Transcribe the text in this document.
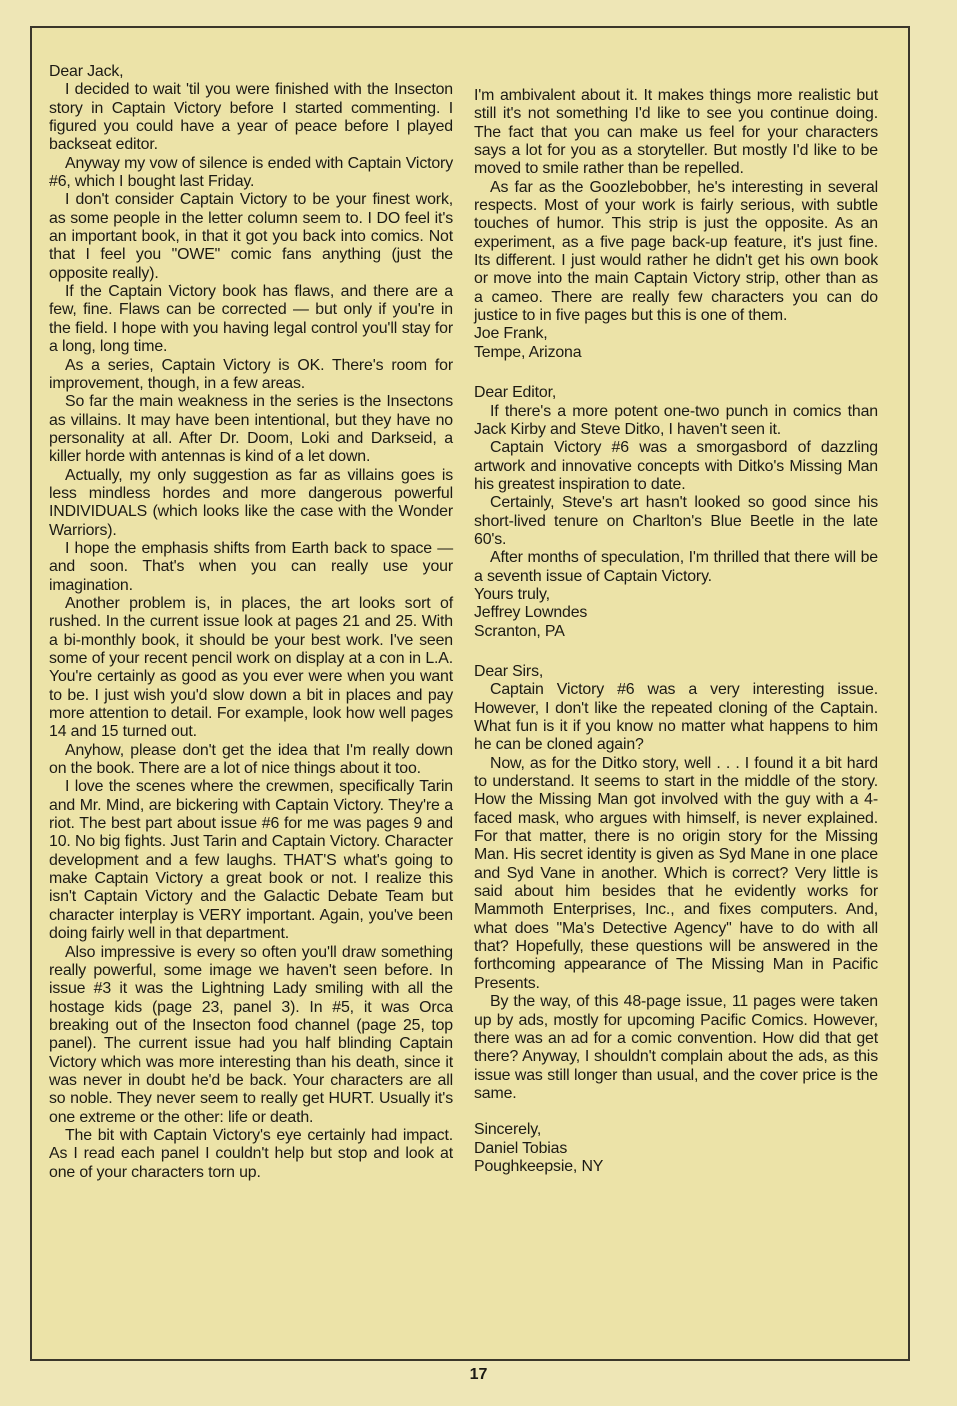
Dear Jack,

I decided to wait 'til you were finished with the Insecton story in Captain Victory before I started commenting. I figured you could have a year of peace before I played backseat editor.

Anyway my vow of silence is ended with Captain Victory #6, which I bought last Friday.

I don't consider Captain Victory to be your finest work, as some people in the letter column seem to. I DO feel it's an important book, in that it got you back into comics. Not that I feel you "OWE" comic fans anything (just the opposite really).

If the Captain Victory book has flaws, and there are a few, fine. Flaws can be corrected — but only if you're in the field. I hope with you having legal control you'll stay for a long, long time.

As a series, Captain Victory is OK. There's room for improvement, though, in a few areas.

So far the main weakness in the series is the Insectons as villains. It may have been intentional, but they have no personality at all. After Dr. Doom, Loki and Darkseid, a killer horde with antennas is kind of a let down.

Actually, my only suggestion as far as villains goes is less mindless hordes and more dangerous powerful INDIVIDUALS (which looks like the case with the Wonder Warriors).

I hope the emphasis shifts from Earth back to space — and soon. That's when you can really use your imagination.

Another problem is, in places, the art looks sort of rushed. In the current issue look at pages 21 and 25. With a bi-monthly book, it should be your best work. I've seen some of your recent pencil work on display at a con in L.A. You're certainly as good as you ever were when you want to be. I just wish you'd slow down a bit in places and pay more attention to detail. For example, look how well pages 14 and 15 turned out.

Anyhow, please don't get the idea that I'm really down on the book. There are a lot of nice things about it too.

I love the scenes where the crewmen, specifically Tarin and Mr. Mind, are bickering with Captain Victory. They're a riot. The best part about issue #6 for me was pages 9 and 10. No big fights. Just Tarin and Captain Victory. Character development and a few laughs. THAT'S what's going to make Captain Victory a great book or not. I realize this isn't Captain Victory and the Galactic Debate Team but character interplay is VERY important. Again, you've been doing fairly well in that department.

Also impressive is every so often you'll draw something really powerful, some image we haven't seen before. In issue #3 it was the Lightning Lady smiling with all the hostage kids (page 23, panel 3). In #5, it was Orca breaking out of the Insecton food channel (page 25, top panel). The current issue had you half blinding Captain Victory which was more interesting than his death, since it was never in doubt he'd be back. Your characters are all so noble. They never seem to really get HURT. Usually it's one extreme or the other: life or death.

The bit with Captain Victory's eye certainly had impact. As I read each panel I couldn't help but stop and look at one of your characters torn up.

I'm ambivalent about it. It makes things more realistic but still it's not something I'd like to see you continue doing. The fact that you can make us feel for your characters says a lot for you as a storyteller. But mostly I'd like to be moved to smile rather than be repelled.

As far as the Goozlebobber, he's interesting in several respects. Most of your work is fairly serious, with subtle touches of humor. This strip is just the opposite. As an experiment, as a five page back-up feature, it's just fine. Its different. I just would rather he didn't get his own book or move into the main Captain Victory strip, other than as a cameo. There are really few characters you can do justice to in five pages but this is one of them.

Joe Frank,

Tempe, Arizona

Dear Editor,

If there's a more potent one-two punch in comics than Jack Kirby and Steve Ditko, I haven't seen it.

Captain Victory #6 was a smorgasbord of dazzling artwork and innovative concepts with Ditko's Missing Man his greatest inspiration to date.

Certainly, Steve's art hasn't looked so good since his short-lived tenure on Charlton's Blue Beetle in the late 60's.

After months of speculation, I'm thrilled that there will be a seventh issue of Captain Victory.

Yours truly,

Jeffrey Lowndes

Scranton, PA

Dear Sirs,

Captain Victory #6 was a very interesting issue. However, I don't like the repeated cloning of the Captain. What fun is it if you know no matter what happens to him he can be cloned again?

Now, as for the Ditko story, well . . . I found it a bit hard to understand. It seems to start in the middle of the story. How the Missing Man got involved with the guy with a 4-faced mask, who argues with himself, is never explained. For that matter, there is no origin story for the Missing Man. His secret identity is given as Syd Mane in one place and Syd Vane in another. Which is correct? Very little is said about him besides that he evidently works for Mammoth Enterprises, Inc., and fixes computers. And, what does "Ma's Detective Agency" have to do with all that? Hopefully, these questions will be answered in the forthcoming appearance of The Missing Man in Pacific Presents.

By the way, of this 48-page issue, 11 pages were taken up by ads, mostly for upcoming Pacific Comics. However, there was an ad for a comic convention. How did that get there? Anyway, I shouldn't complain about the ads, as this issue was still longer than usual, and the cover price is the same.

Sincerely,

Daniel Tobias

Poughkeepsie, NY

17
